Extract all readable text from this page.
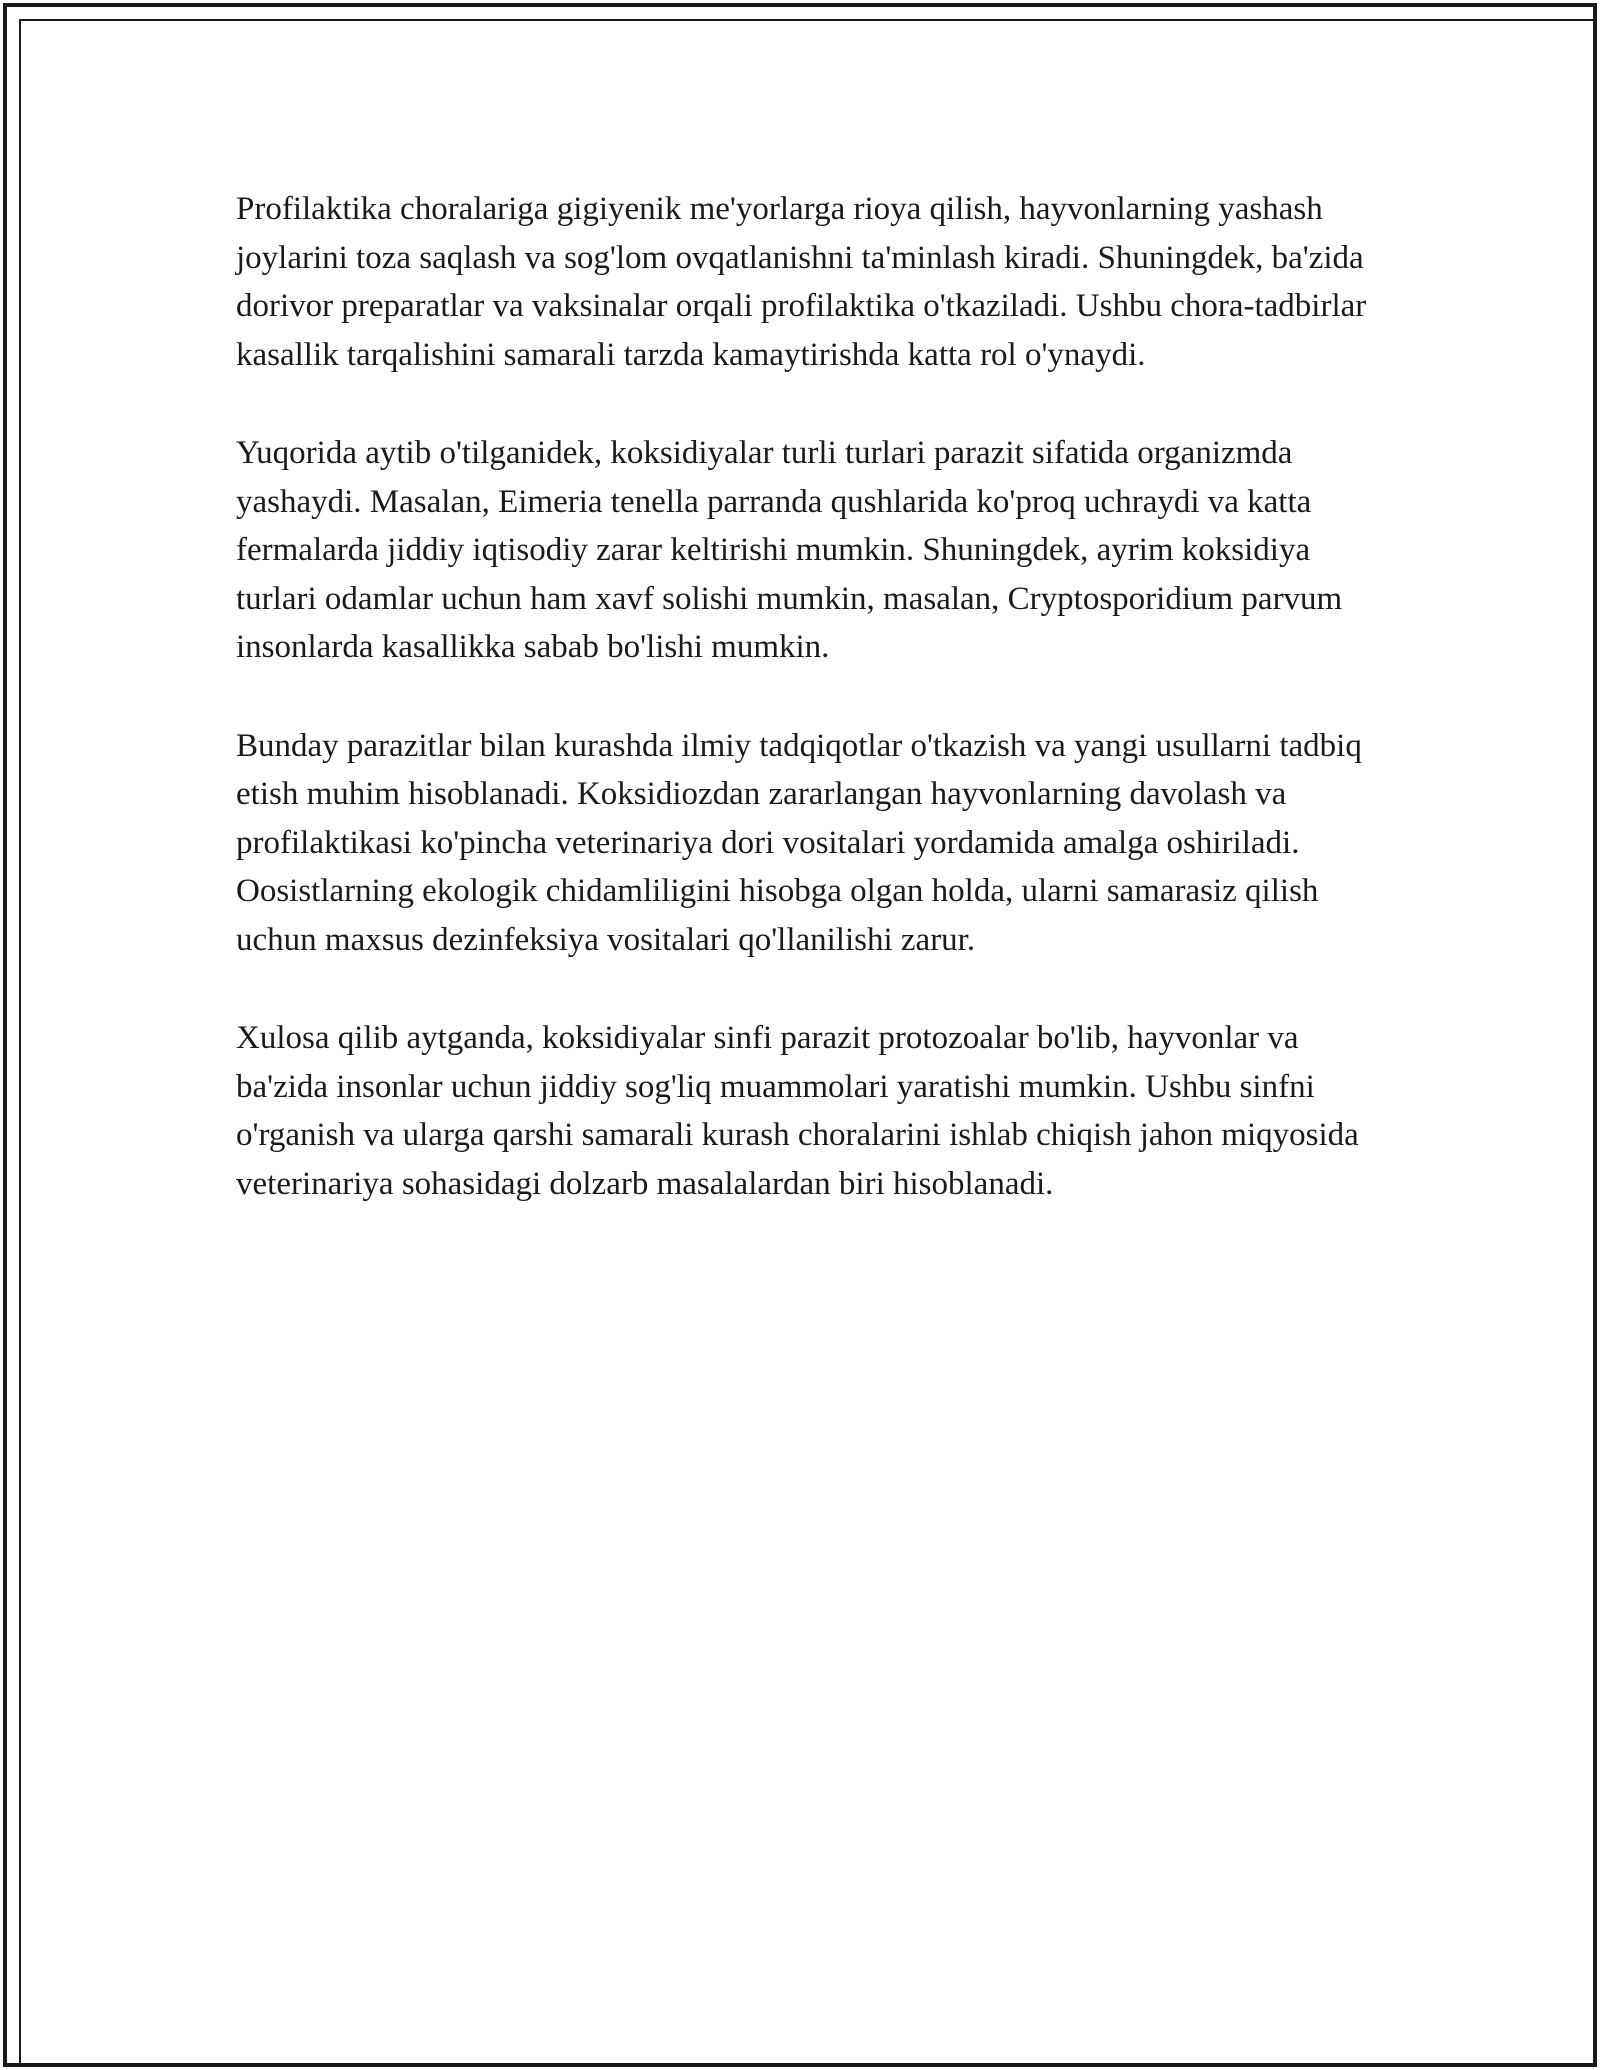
Profilaktika choralariga gigiyenik me'yorlarga rioya qilish, hayvonlarning yashash joylarini toza saqlash va sog'lom ovqatlanishni ta'minlash kiradi. Shuningdek, ba'zida dorivor preparatlar va vaksinalar orqali profilaktika o'tkaziladi. Ushbu chora-tadbirlar kasallik tarqalishini samarali tarzda kamaytirishda katta rol o'ynaydi.

Yuqorida aytib o'tilganidek, koksidiyalar turli turlari parazit sifatida organizmda yashaydi. Masalan, Eimeria tenella parranda qushlarida ko'proq uchraydi va katta fermalarda jiddiy iqtisodiy zarar keltirishi mumkin. Shuningdek, ayrim koksidiya turlari odamlar uchun ham xavf solishi mumkin, masalan, Cryptosporidium parvum insonlarda kasallikka sabab bo'lishi mumkin.

Bunday parazitlar bilan kurashda ilmiy tadqiqotlar o'tkazish va yangi usullarni tadbiq etish muhim hisoblanadi. Koksidiozdan zararlangan hayvonlarning davolash va profilaktikasi ko'pincha veterinariya dori vositalari yordamida amalga oshiriladi. Oosistlarning ekologik chidamliligini hisobga olgan holda, ularni samarasiz qilish uchun maxsus dezinfeksiya vositalari qo'llanilishi zarur.

Xulosa qilib aytganda, koksidiyalar sinfi parazit protozoalar bo'lib, hayvonlar va ba'zida insonlar uchun jiddiy sog'liq muammolari yaratishi mumkin. Ushbu sinfni o'rganish va ularga qarshi samarali kurash choralarini ishlab chiqish jahon miqyosida veterinariya sohasidagi dolzarb masalalardan biri hisoblanadi.
